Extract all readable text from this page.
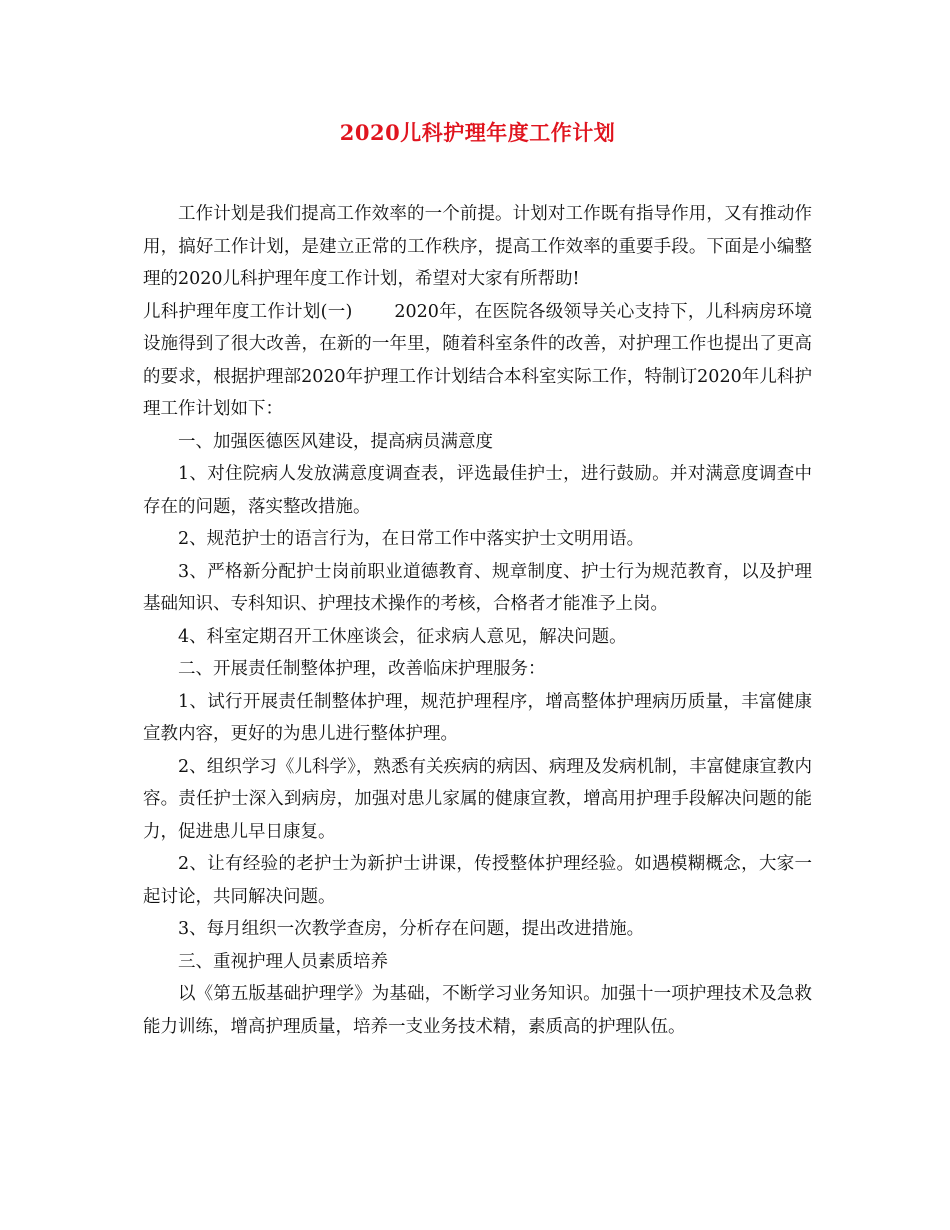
2020儿科护理年度工作计划

工作计划是我们提高工作效率的一个前提。计划对工作既有指导作用，又有推动作用，搞好工作计划，是建立正常的工作秩序，提高工作效率的重要手段。下面是小编整理的2020儿科护理年度工作计划，希望对大家有所帮助!

儿科护理年度工作计划(一) 2020年，在医院各级领导关心支持下，儿科病房环境设施得到了很大改善，在新的一年里，随着科室条件的改善，对护理工作也提出了更高的要求，根据护理部2020年护理工作计划结合本科室实际工作，特制订2020年儿科护理工作计划如下：

一、加强医德医风建设，提高病员满意度

1、对住院病人发放满意度调查表，评选最佳护士，进行鼓励。并对满意度调查中存在的问题，落实整改措施。

2、规范护士的语言行为，在日常工作中落实护士文明用语。

3、严格新分配护士岗前职业道德教育、规章制度、护士行为规范教育，以及护理基础知识、专科知识、护理技术操作的考核，合格者才能准予上岗。

4、科室定期召开工休座谈会，征求病人意见，解决问题。

二、开展责任制整体护理，改善临床护理服务：

1、试行开展责任制整体护理，规范护理程序，增高整体护理病历质量，丰富健康宣教内容，更好的为患儿进行整体护理。

2、组织学习《儿科学》，熟悉有关疾病的病因、病理及发病机制，丰富健康宣教内容。责任护士深入到病房，加强对患儿家属的健康宣教，增高用护理手段解决问题的能力，促进患儿早日康复。

2、让有经验的老护士为新护士讲课，传授整体护理经验。如遇模糊概念，大家一起讨论，共同解决问题。

3、每月组织一次教学查房，分析存在问题，提出改进措施。

三、重视护理人员素质培养

以《第五版基础护理学》为基础，不断学习业务知识。加强十一项护理技术及急救能力训练，增高护理质量，培养一支业务技术精，素质高的护理队伍。
